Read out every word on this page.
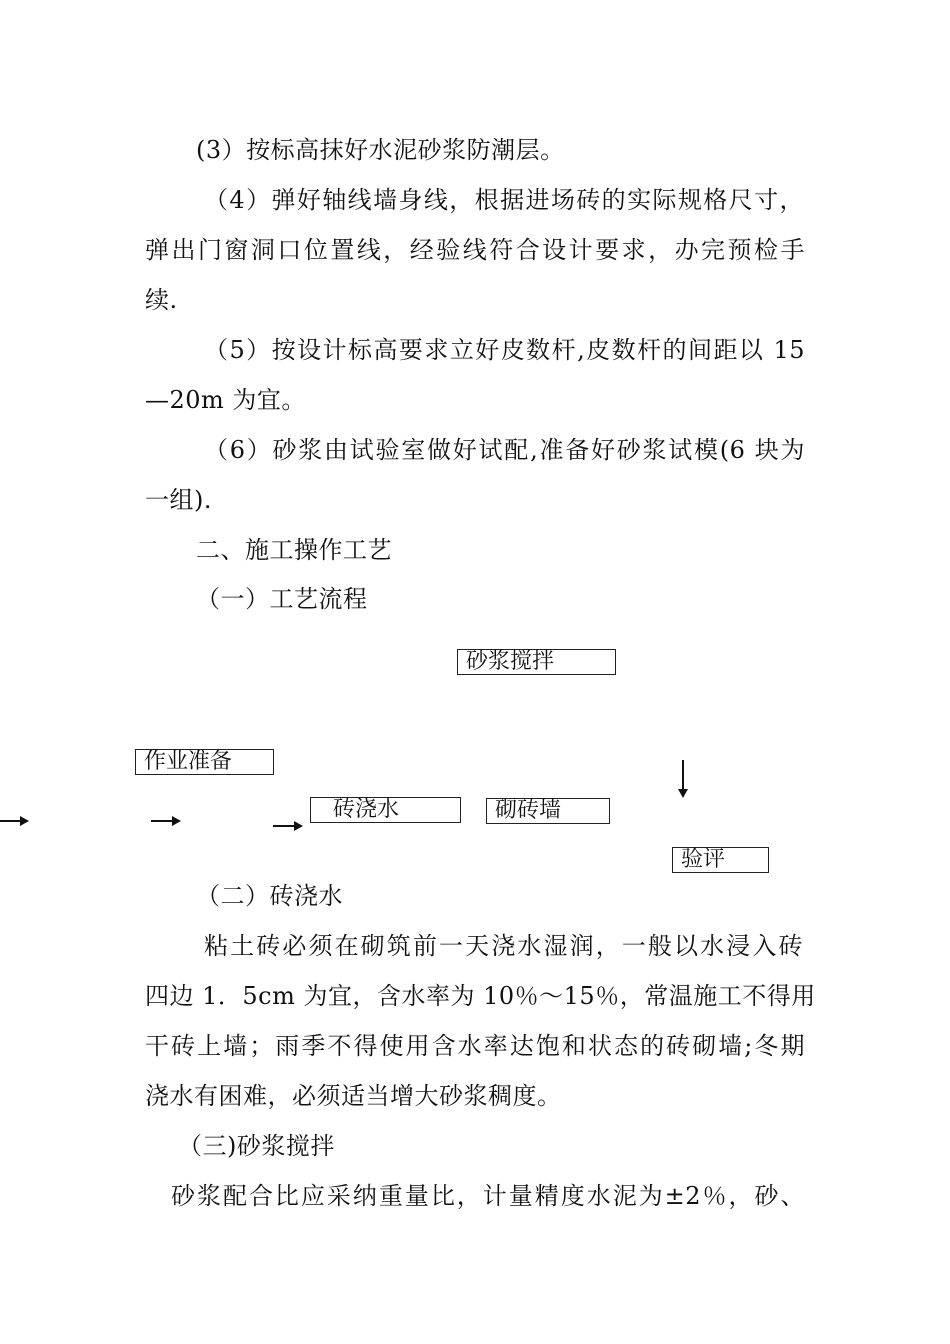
(3）按标高抹好水泥砂浆防潮层。
（4）弹好轴线墙身线，根据进场砖的实际规格尺寸，
弹出门窗洞口位置线，经验线符合设计要求，办完预检手
续.
（5）按设计标高要求立好皮数杆,皮数杆的间距以 15
—20m 为宜。
（6）砂浆由试验室做好试配,准备好砂浆试模(6 块为
一组).
二、施工操作工艺
（一）工艺流程
砂浆搅拌
作业准备
砖浇水	砌砖墙
验评
（二）砖浇水
粘土砖必须在砌筑前一天浇水湿润，一般以水浸入砖
四边 1．5cm 为宜，含水率为 10％～15％，常温施工不得用
干砖上墙；雨季不得使用含水率达饱和状态的砖砌墙;冬期
浇水有困难，必须适当增大砂浆稠度。
（三)砂浆搅拌
砂浆配合比应采纳重量比，计量精度水泥为±2％，砂、
